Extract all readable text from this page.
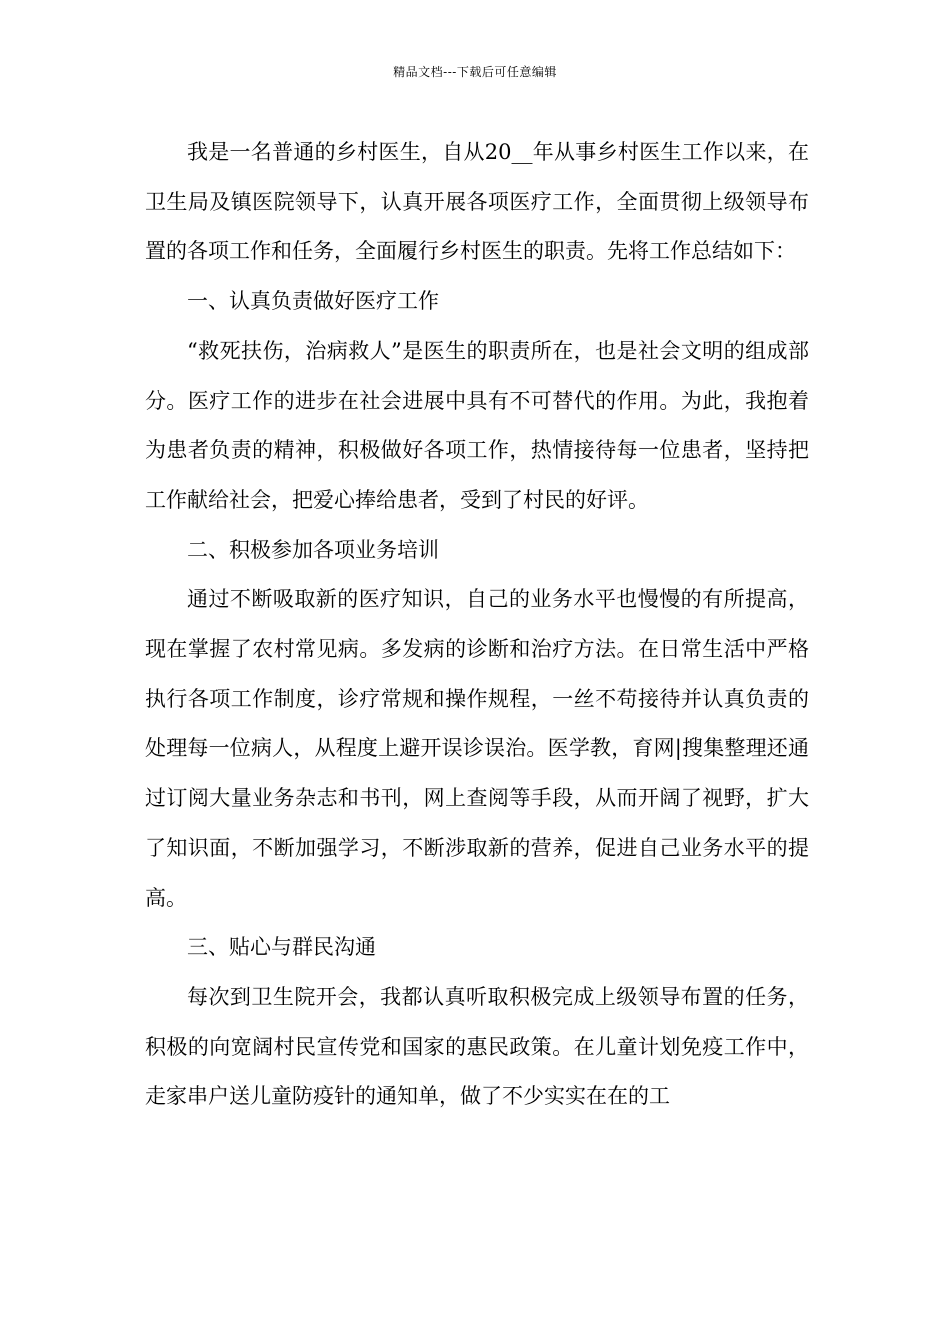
精品文档---下载后可任意编辑

我是一名普通的乡村医生，自从20__年从事乡村医生工作以来，在卫生局及镇医院领导下，认真开展各项医疗工作，全面贯彻上级领导布置的各项工作和任务，全面履行乡村医生的职责。先将工作总结如下：

一、认真负责做好医疗工作

“救死扶伤，治病救人”是医生的职责所在，也是社会文明的组成部分。医疗工作的进步在社会进展中具有不可替代的作用。为此，我抱着为患者负责的精神，积极做好各项工作，热情接待每一位患者，坚持把工作献给社会，把爱心捧给患者，受到了村民的好评。

二、积极参加各项业务培训

通过不断吸取新的医疗知识，自己的业务水平也慢慢的有所提高，现在掌握了农村常见病。多发病的诊断和治疗方法。在日常生活中严格执行各项工作制度，诊疗常规和操作规程，一丝不苟接待并认真负责的处理每一位病人，从程度上避开误诊误治。医学教，育网|搜集整理还通过订阅大量业务杂志和书刊，网上查阅等手段，从而开阔了视野，扩大了知识面，不断加强学习，不断涉取新的营养，促进自己业务水平的提高。

三、贴心与群民沟通

每次到卫生院开会，我都认真听取积极完成上级领导布置的任务，积极的向宽阔村民宣传党和国家的惠民政策。在儿童计划免疫工作中，走家串户送儿童防疫针的通知单，做了不少实实在在的工
